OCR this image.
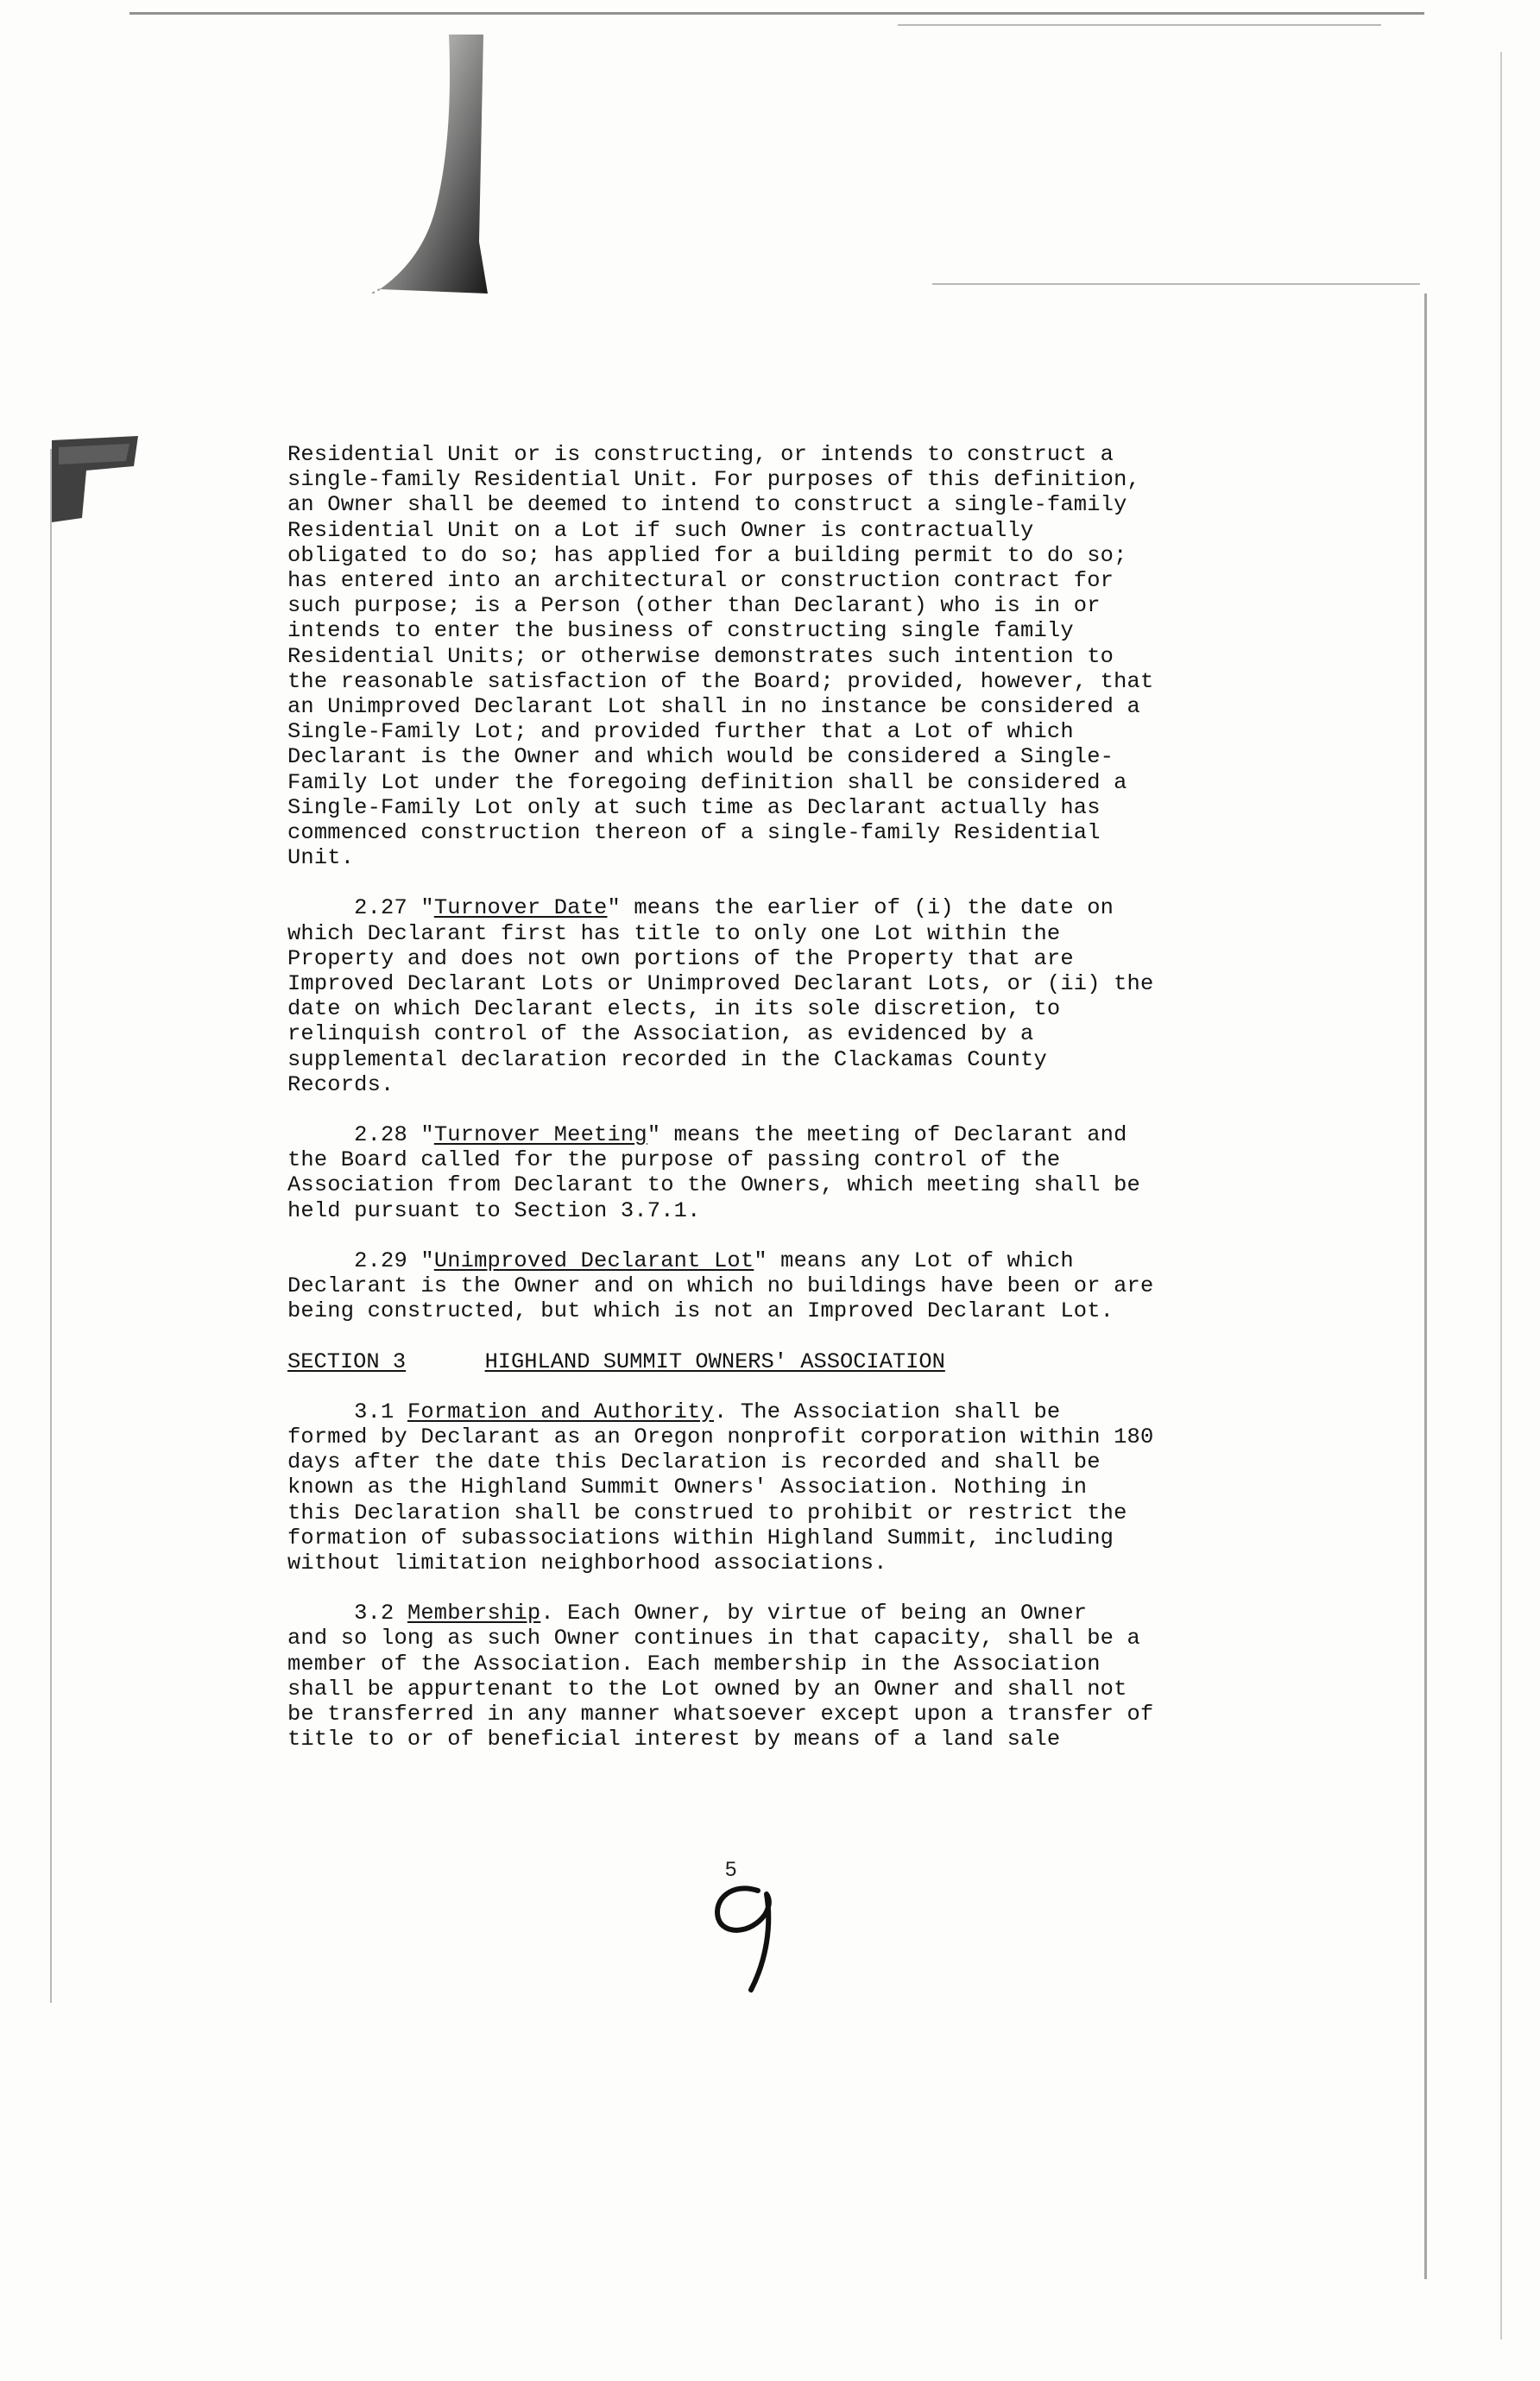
Residential Unit or is constructing, or intends to construct a
single-family Residential Unit. For purposes of this definition,
an Owner shall be deemed to intend to construct a single-family
Residential Unit on a Lot if such Owner is contractually
obligated to do so; has applied for a building permit to do so;
has entered into an architectural or construction contract for
such purpose; is a Person (other than Declarant) who is in or
intends to enter the business of constructing single family
Residential Units; or otherwise demonstrates such intention to
the reasonable satisfaction of the Board; provided, however, that
an Unimproved Declarant Lot shall in no instance be considered a
Single-Family Lot; and provided further that a Lot of which
Declarant is the Owner and which would be considered a Single-
Family Lot under the foregoing definition shall be considered a
Single-Family Lot only at such time as Declarant actually has
commenced construction thereon of a single-family Residential
Unit.
2.27 "Turnover Date" means the earlier of (i) the date on
which Declarant first has title to only one Lot within the
Property and does not own portions of the Property that are
Improved Declarant Lots or Unimproved Declarant Lots, or (ii) the
date on which Declarant elects, in its sole discretion, to
relinquish control of the Association, as evidenced by a
supplemental declaration recorded in the Clackamas County
Records.
2.28 "Turnover Meeting" means the meeting of Declarant and
the Board called for the purpose of passing control of the
Association from Declarant to the Owners, which meeting shall be
held pursuant to Section 3.7.1.
2.29 "Unimproved Declarant Lot" means any Lot of which
Declarant is the Owner and on which no buildings have been or are
being constructed, but which is not an Improved Declarant Lot.
SECTION 3	HIGHLAND SUMMIT OWNERS' ASSOCIATION
3.1 Formation and Authority. The Association shall be
formed by Declarant as an Oregon nonprofit corporation within 180
days after the date this Declaration is recorded and shall be
known as the Highland Summit Owners' Association. Nothing in
this Declaration shall be construed to prohibit or restrict the
formation of subassociations within Highland Summit, including
without limitation neighborhood associations.
3.2 Membership. Each Owner, by virtue of being an Owner
and so long as such Owner continues in that capacity, shall be a
member of the Association. Each membership in the Association
shall be appurtenant to the Lot owned by an Owner and shall not
be transferred in any manner whatsoever except upon a transfer of
title to or of beneficial interest by means of a land sale
5
